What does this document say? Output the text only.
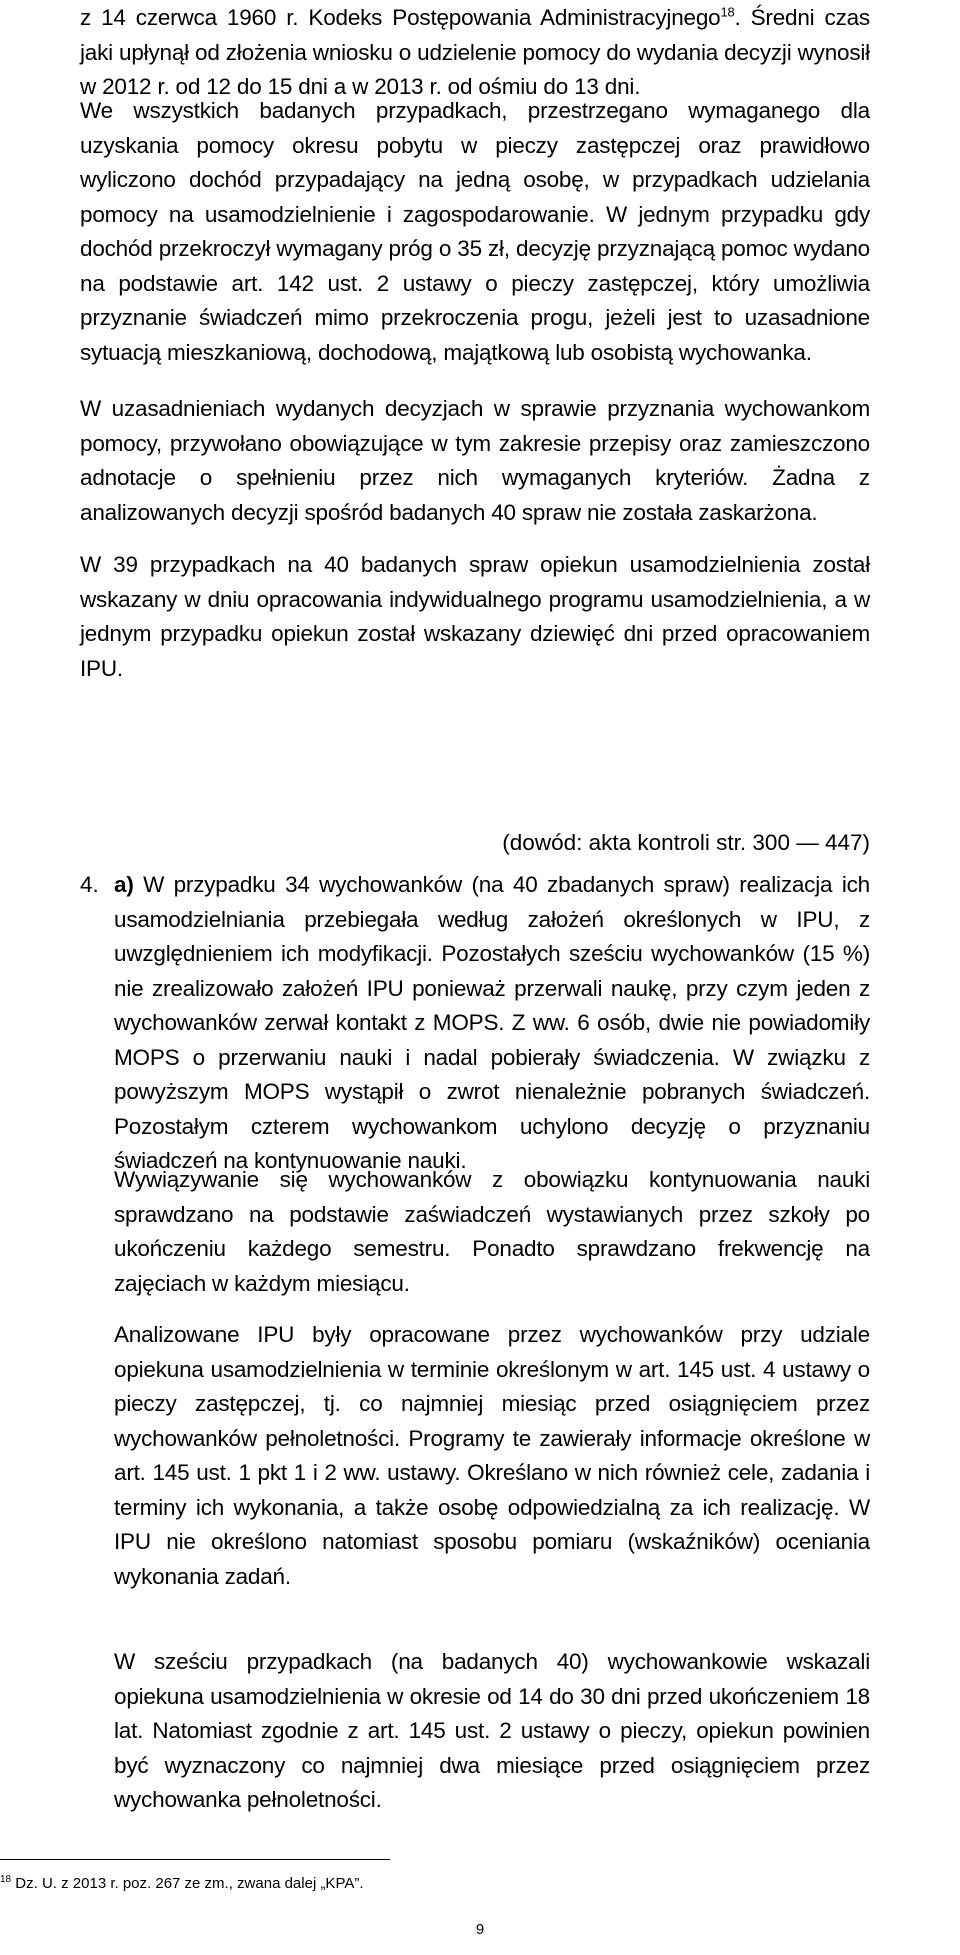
z 14 czerwca 1960 r. Kodeks Postępowania Administracyjnego$^{18}$. Średni czas jaki upłynął od złożenia wniosku o udzielenie pomocy do wydania decyzji wynosił w 2012 r. od 12 do 15 dni a w 2013 r. od ośmiu do 13 dni.

We wszystkich badanych przypadkach, przestrzegano wymaganego dla uzyskania pomocy okresu pobytu w pieczy zastępczej oraz prawidłowo wyliczono dochód przypadający na jedną osobę, w przypadkach udzielania pomocy na usamodzielnienie i zagospodarowanie. W jednym przypadku gdy dochód przekroczył wymagany próg o 35 zł, decyzję przyznającą pomoc wydano na podstawie art. 142 ust. 2 ustawy o pieczy zastępczej, który umożliwia przyznanie świadczeń mimo przekroczenia progu, jeżeli jest to uzasadnione sytuacją mieszkaniową, dochodową, majątkową lub osobistą wychowanka.

W uzasadnieniach wydanych decyzjach w sprawie przyznania wychowankom pomocy, przywołano obowiązujące w tym zakresie przepisy oraz zamieszczono adnotacje o spełnieniu przez nich wymaganych kryteriów. Żadna z analizowanych decyzji spośród badanych 40 spraw nie została zaskarżona.

W 39 przypadkach na 40 badanych spraw opiekun usamodzielnienia został wskazany w dniu opracowania indywidualnego programu usamodzielnienia, a w jednym przypadku opiekun został wskazany dziewięć dni przed opracowaniem IPU.

(dowód: akta kontroli str. 300 — 447)

4. a) W przypadku 34 wychowanków (na 40 zbadanych spraw) realizacja ich usamodzielniania przebiegała według założeń określonych w IPU, z uwzględnieniem ich modyfikacji. Pozostałych sześciu wychowanków (15 %) nie zrealizowało założeń IPU ponieważ przerwali naukę, przy czym jeden z wychowanków zerwał kontakt z MOPS. Z ww. 6 osób, dwie nie powiadomiły MOPS o przerwaniu nauki i nadal pobierały świadczenia. W związku z powyższym MOPS wystąpił o zwrot nienależnie pobranych świadczeń. Pozostałym czterem wychowankom uchylono decyzję o przyznaniu świadczeń na kontynuowanie nauki.

Wywiązywanie się wychowanków z obowiązku kontynuowania nauki sprawdzano na podstawie zaświadczeń wystawianych przez szkoły po ukończeniu każdego semestru. Ponadto sprawdzano frekwencję na zajęciach w każdym miesiącu.

Analizowane IPU były opracowane przez wychowanków przy udziale opiekuna usamodzielnienia w terminie określonym w art. 145 ust. 4 ustawy o pieczy zastępczej, tj. co najmniej miesiąc przed osiągnięciem przez wychowanków pełnoletności. Programy te zawierały informacje określone w art. 145 ust. 1 pkt 1 i 2 ww. ustawy. Określano w nich również cele, zadania i terminy ich wykonania, a także osobę odpowiedzialną za ich realizację. W IPU nie określono natomiast sposobu pomiaru (wskaźników) oceniania wykonania zadań.

W sześciu przypadkach (na badanych 40) wychowankowie wskazali opiekuna usamodzielnienia w okresie od 14 do 30 dni przed ukończeniem 18 lat. Natomiast zgodnie z art. 145 ust. 2 ustawy o pieczy, opiekun powinien być wyznaczony co najmniej dwa miesiące przed osiągnięciem przez wychowanka pełnoletności.

$^{18}$ Dz. U. z 2013 r. poz. 267 ze zm., zwana dalej „KPA”.

9
